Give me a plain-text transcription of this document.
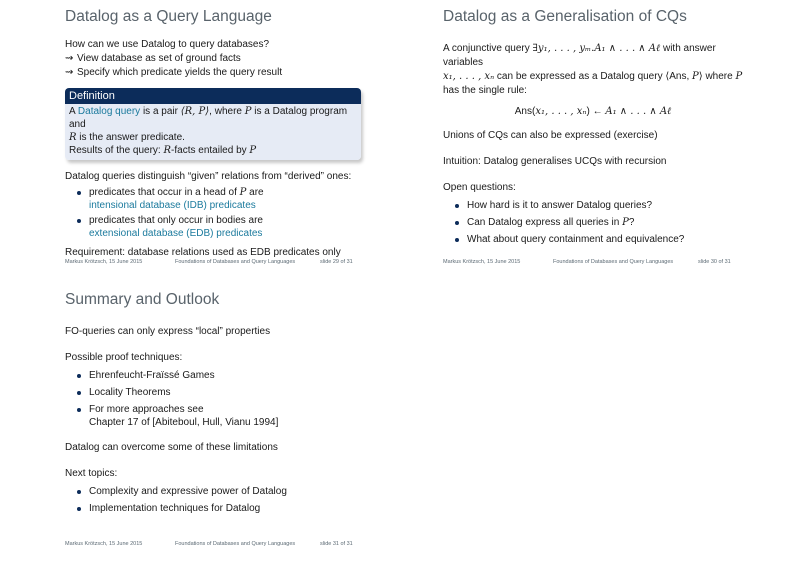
Datalog as a Query Language

How can we use Datalog to query databases?

⇝ View database as set of ground facts

⇝ Specify which predicate yields the query result

Definition

A Datalog query is a pair ⟨R, P⟩, where P is a Datalog program and

R is the answer predicate.

Results of the query: R-facts entailed by P

Datalog queries distinguish “given” relations from “derived” ones:

predicates that occur in a head of P are
intensional database (IDB) predicates
predicates that only occur in bodies are
extensional database (EDB) predicates

Requirement: database relations used as EDB predicates only

Markus Krötzsch, 15 June 2015	Foundations of Databases and Query Languages	slide 29 of 31
Datalog as a Generalisation of CQs

A conjunctive query ∃y₁, . . . , yₘ.A₁ ∧ . . . ∧ Aℓ with answer variables

x₁, . . . , xₙ can be expressed as a Datalog query ⟨Ans, P⟩ where P

has the single rule:

Ans(x₁, . . . , xₙ) ← A₁ ∧ . . . ∧ Aℓ

Unions of CQs can also be expressed (exercise)

Intuition: Datalog generalises UCQs with recursion

Open questions:

How hard is it to answer Datalog queries?
Can Datalog express all queries in P?
What about query containment and equivalence?
Markus Krötzsch, 15 June 2015	Foundations of Databases and Query Languages	slide 30 of 31
Summary and Outlook

FO-queries can only express “local” properties

Possible proof techniques:

Ehrenfeucht-Fraïssé Games
Locality Theorems
For more approaches see
Chapter 17 of [Abiteboul, Hull, Vianu 1994]

Datalog can overcome some of these limitations

Next topics:

Complexity and expressive power of Datalog
Implementation techniques for Datalog
Markus Krötzsch, 15 June 2015	Foundations of Databases and Query Languages	slide 31 of 31
